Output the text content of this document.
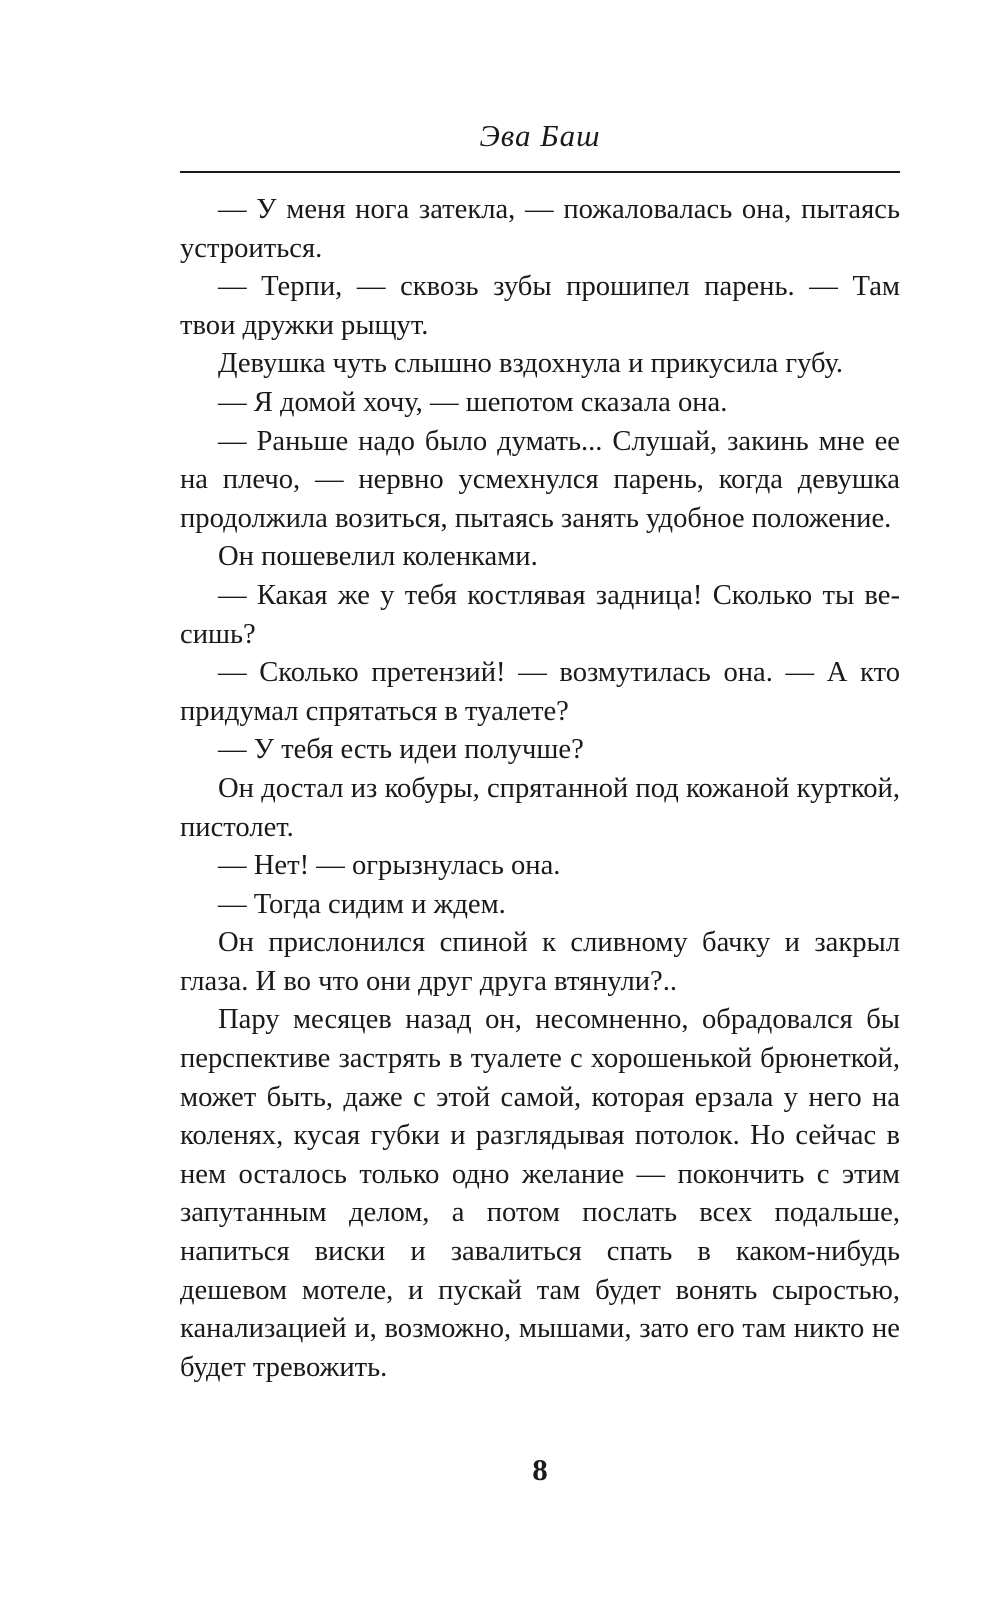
Эва Баш

— У меня нога затекла, — пожаловалась она, пытаясь устроиться.

— Терпи, — сквозь зубы прошипел парень. — Там твои дружки рыщут.

Девушка чуть слышно вздохнула и прикусила губу.

— Я домой хочу, — шепотом сказала она.

— Раньше надо было думать... Слушай, закинь мне ее на плечо, — нервно усмехнулся парень, когда девушка продолжила возиться, пытаясь занять удобное положение.

Он пошевелил коленками.

— Какая же у тебя костлявая задница! Сколько ты весишь?

— Сколько претензий! — возмутилась она. — А кто придумал спрятаться в туалете?

— У тебя есть идеи получше?

Он достал из кобуры, спрятанной под кожаной курткой, пистолет.

— Нет! — огрызнулась она.

— Тогда сидим и ждем.

Он прислонился спиной к сливному бачку и закрыл глаза. И во что они друг друга втянули?..

Пару месяцев назад он, несомненно, обрадовался бы перспективе застрять в туалете с хорошенькой брюнеткой, может быть, даже с этой самой, которая ерзала у него на коленях, кусая губки и разглядывая потолок. Но сейчас в нем осталось только одно желание — покончить с этим запутанным делом, а потом послать всех подальше, напиться виски и завалиться спать в каком-нибудь дешевом мотеле, и пускай там будет вонять сыростью, канализацией и, возможно, мышами, зато его там никто не будет тревожить.

8
